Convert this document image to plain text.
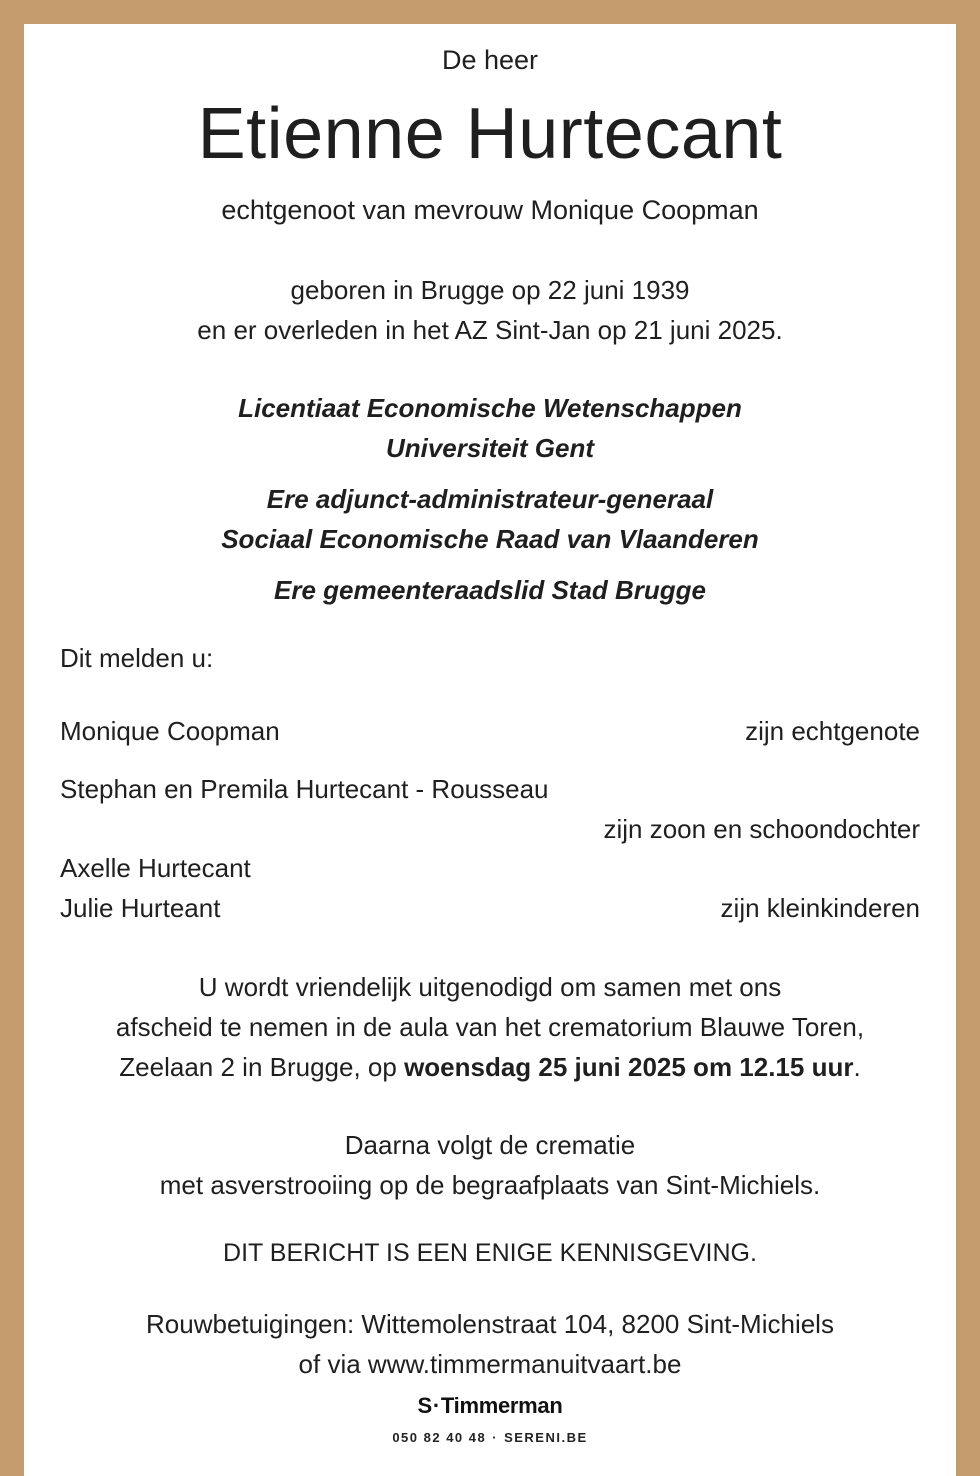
De heer
Etienne Hurtecant
echtgenoot van mevrouw Monique Coopman
geboren in Brugge op 22 juni 1939
en er overleden in het AZ Sint-Jan op 21 juni 2025.
Licentiaat Economische Wetenschappen
Universiteit Gent
Ere adjunct-administrateur-generaal
Sociaal Economische Raad van Vlaanderen
Ere gemeenteraadslid Stad Brugge
Dit melden u:
Monique Coopman	zijn echtgenote
Stephan en Premila Hurtecant - Rousseau
zijn zoon en schoondochter
Axelle Hurtecant
Julie Hurteant	zijn kleinkinderen
U wordt vriendelijk uitgenodigd om samen met ons
afscheid te nemen in de aula van het crematorium Blauwe Toren,
Zeelaan 2 in Brugge, op woensdag 25 juni 2025 om 12.15 uur.
Daarna volgt de crematie
met asverstrooiing op de begraafplaats van Sint-Michiels.
DIT BERICHT IS EEN ENIGE KENNISGEVING.
Rouwbetuigingen: Wittemolenstraat 104, 8200 Sint-Michiels
of via www.timmermanuitvaart.be
S·Timmerman
050 82 40 48 · SERENI.BE
